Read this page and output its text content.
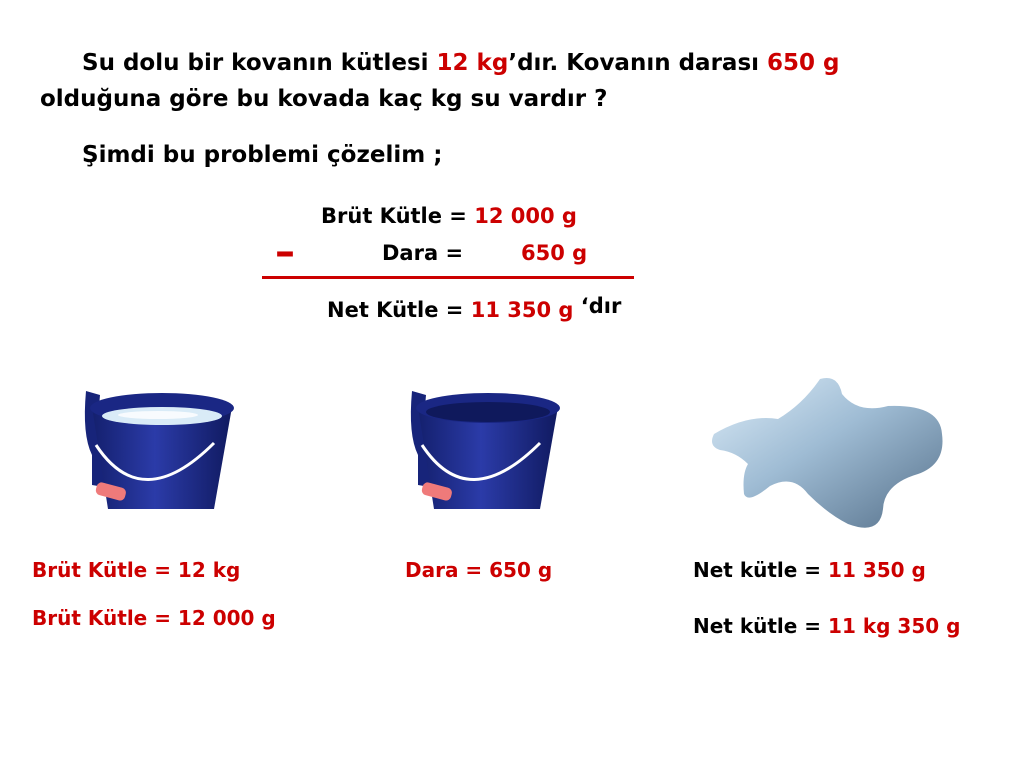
Su dolu bir kovanın kütlesi 12 kg’dır. Kovanın darası 650 g
olduğuna göre bu kovada kaç kg su vardır ?
Şimdi bu problemi çözelim ;
Brüt Kütle = 12 000 g
Dara =	650 g
–
Net Kütle = 11 350 g ‘dır
Brüt Kütle = 12 kg
Brüt Kütle = 12 000 g
Dara = 650 g	Net kütle = 11 350 g
Net kütle = 11 kg 350 g
